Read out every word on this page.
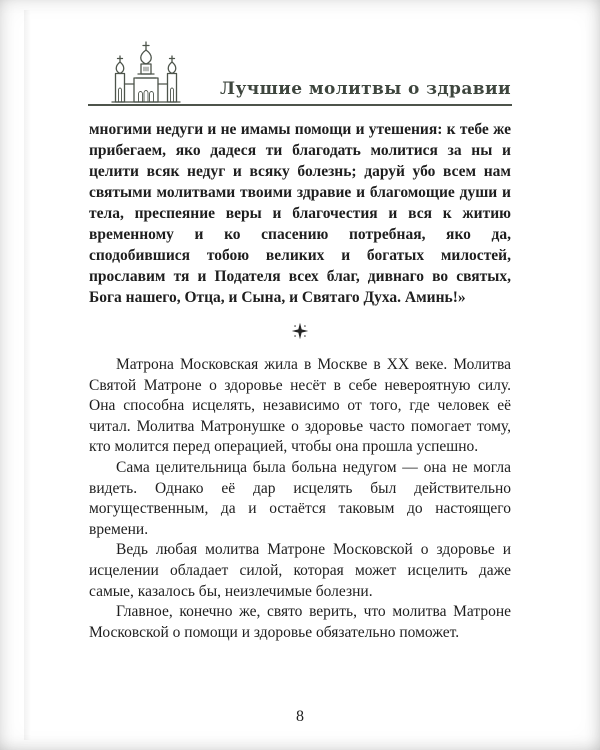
Лучшие молитвы о здравии

многими недуги и не имамы помощи и утешения: к тебе же прибегаем, яко дадеся ти благодать молитися за ны и целити всяк недуг и всяку болезнь; даруй убо всем нам святыми молитвами твоими здравие и благомощие души и тела, преспеяние веры и благочестия и вся к житию временному и ко спасению потребная, яко да, сподобившися тобою великих и богатых милостей, прославим тя и Подателя всех благ, дивнаго во святых, Бога нашего, Отца, и Сына, и Святаго Духа. Аминь!»

Матрона Московская жила в Москве в XX веке. Молитва Святой Матроне о здоровье несёт в себе невероятную силу. Она способна исцелять, независимо от того, где человек её читал. Молитва Матронушке о здоровье часто помогает тому, кто молится перед операцией, чтобы она прошла успешно.

Сама целительница была больна недугом — она не могла видеть. Однако её дар исцелять был действительно могущественным, да и остаётся таковым до настоящего времени.

Ведь любая молитва Матроне Московской о здоровье и исцелении обладает силой, которая может исцелить даже самые, казалось бы, неизлечимые болезни.

Главное, конечно же, свято верить, что молитва Матроне Московской о помощи и здоровье обязательно поможет.

8
